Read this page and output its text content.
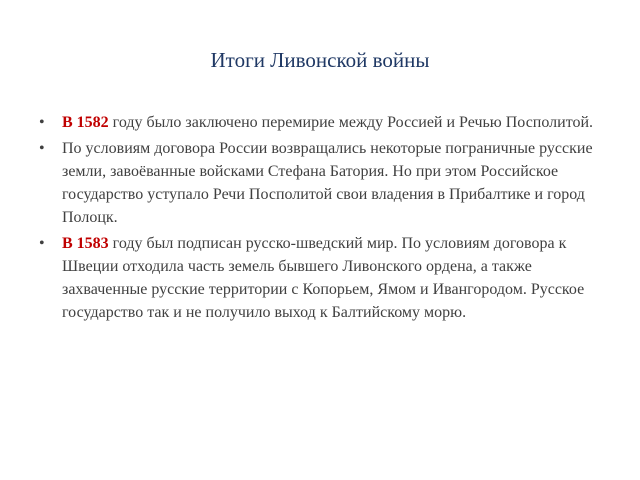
Итоги Ливонской войны
• В 1582 году было заключено перемирие между Россией и Речью Посполитой.
• По условиям договора России возвращались некоторые пограничные русские земли, завоёванные войсками Стефана Батория. Но при этом Российское государство уступало Речи Посполитой свои владения в Прибалтике и город Полоцк.
• В 1583 году был подписан русско-шведский мир. По условиям договора к Швеции отходила часть земель бывшего Ливонского ордена, а также захваченные русские территории с Копорьем, Ямом и Ивангородом. Русское государство так и не получило выход к Балтийскому морю.
